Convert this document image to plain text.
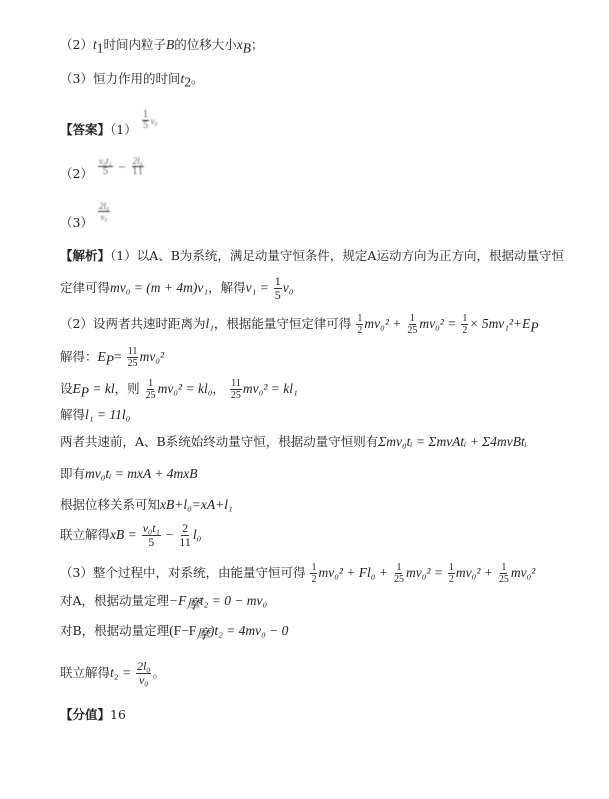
$(2)t_1$时间内粒子B的位移大小$x_B$；
（3）恒力作用的时间$t_2$。
【答案】$(1) \frac{1}{5} v_0$
$(2) \frac{\text{v₀t₁}}{5} - \frac{\text{2l₀}}{11}$
（3）
$\frac{\text{2l₀}}{\text{v₀}}$
【解析】（1）以A、B为系统，满足动量守恒条件，规定A运动方向为正方向，根据动量守恒
定律可得mv₀ = (m + 4m)v₁，解得$v_1 = \frac{1}{5} v_0$
（2）设两者共速时距离为l₁，根据能量守恒定律可得 $\frac{1}{2} mv_0^2 + \frac{1}{25} mv_0^2 = \frac{1}{2} \times 5mv_1^2+E_P$
解得：$E_P= \frac{11}{25} mv_0^2$
设$E_P$ = kl，则 $\frac{1}{25} mv_0^2 = kl_0$， $\frac{11}{25} mv_0^2 = kl_1$
解得l₁ = 11l₀
两者共速前，A、B系统始终动量守恒，根据动量守恒则有Σmv₀tᵢ = ΣmvAtᵢ + Σ4mvBtᵢ
即有mv₀tᵢ = mxA + 4mxB
根据位移关系可知xB+l₀=xA+l₁
联立解得xB = $\frac{\text{v₀t₁}}{5} - \frac{2}{11} l_0$
（3）整个过程中，对系统，由能量守恒可得 $\frac{1}{2} mv_0^2 + Fl_0 + \frac{1}{25} mv_0^2 = \frac{1}{2} mv_0^2 + \frac{1}{25} mv_0^2$
对A，根据动量定理$-F_摩t_2 = 0 - mv_0$
对B，根据动量定理$(F-F_摩)t_2 = 4mv_0 - 0$
联立解得$t_2 = \frac{\text{2l₀}}{\text{v₀}}$ 。
【分值】16
